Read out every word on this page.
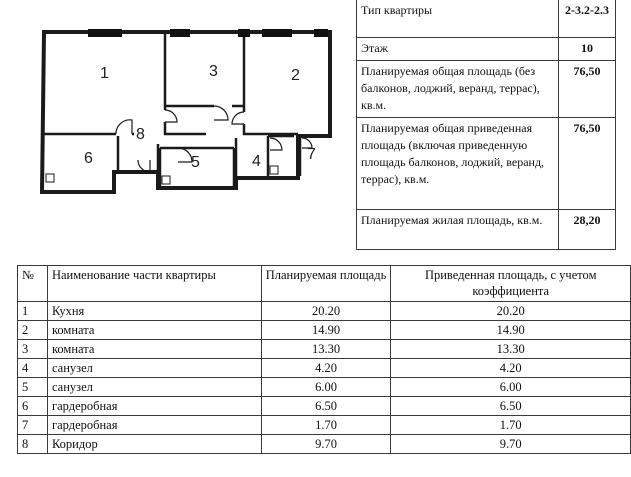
1	2
3
4
5
6	7
8
Тип квартиры	2-3.2-2.3
Этаж	10
Планируемая общая площадь (без балконов, лоджий, веранд, террас), кв.м.	76,50
Планируемая общая приведенная площадь (включая приведенную площадь балконов, лоджий, веранд, террас), кв.м.	76,50
Планируемая жилая площадь, кв.м.	28,20
№	Наименование части квартиры	Планируемая площадь	Приведенная площадь, с учетом коэффициента
1	Кухня	20.20	20.20
2	комната	14.90	14.90
3	комната	13.30	13.30
4	санузел	4.20	4.20
5	санузел	6.00	6.00
6	гардеробная	6.50	6.50
7	гардеробная	1.70	1.70
8	Коридор	9.70	9.70
